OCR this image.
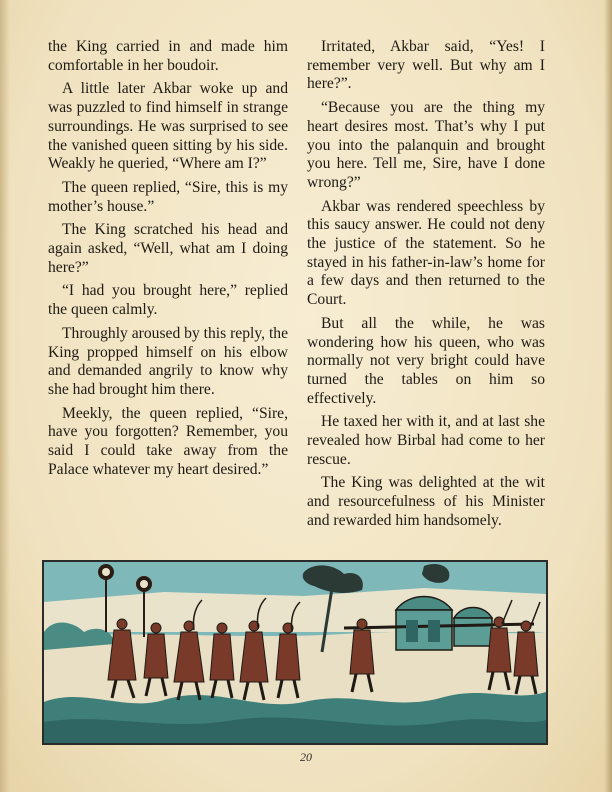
the King carried in and made him comfortable in her boudoir.

A little later Akbar woke up and was puzzled to find himself in strange surroundings. He was surprised to see the vanished queen sitting by his side. Weakly he queried, “Where am I?”

The queen replied, “Sire, this is my mother’s house.”

The King scratched his head and again asked, “Well, what am I doing here?”

“I had you brought here,” replied the queen calmly.

Throughly aroused by this reply, the King propped himself on his elbow and demanded angrily to know why she had brought him there.

Meekly, the queen replied, “Sire, have you forgotten? Remember, you said I could take away from the Palace whatever my heart desired.”

Irritated, Akbar said, “Yes! I remember very well. But why am I here?”.

“Because you are the thing my heart desires most. That’s why I put you into the palanquin and brought you here. Tell me, Sire, have I done wrong?”

Akbar was rendered speechless by this saucy answer. He could not deny the justice of the statement. So he stayed in his father-in-law’s home for a few days and then returned to the Court.

But all the while, he was wondering how his queen, who was normally not very bright could have turned the tables on him so effectively.

He taxed her with it, and at last she revealed how Birbal had come to her rescue.

The King was delighted at the wit and resourcefulness of his Minister and rewarded him handsomely.

20
